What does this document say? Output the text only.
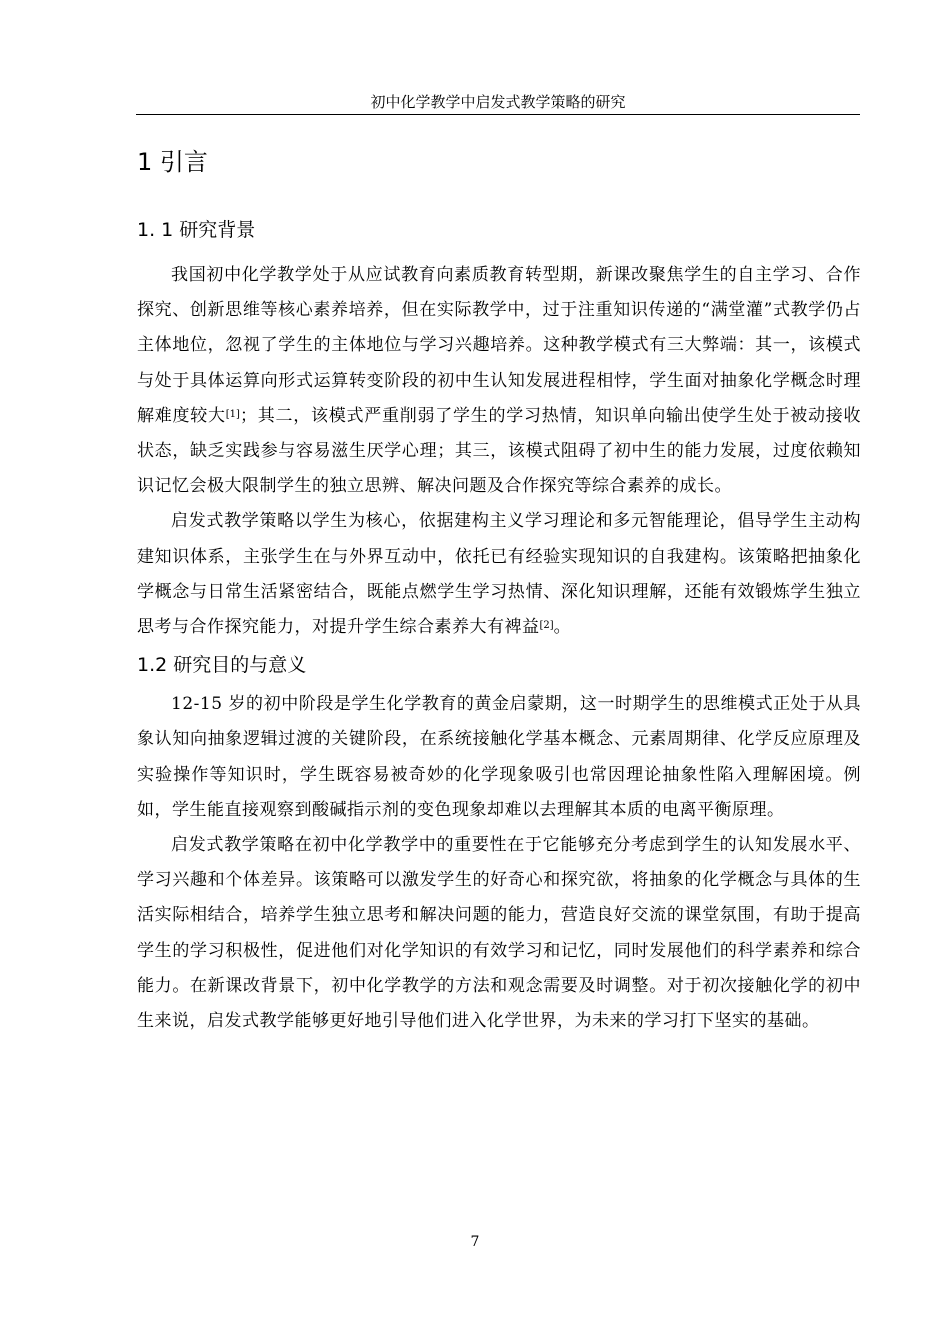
初中化学教学中启发式教学策略的研究
1 引言
1. 1 研究背景

我国初中化学教学处于从应试教育向素质教育转型期，新课改聚焦学生的自主学习、合作探究、创新思维等核心素养培养，但在实际教学中，过于注重知识传递的“满堂灌”式教学仍占主体地位，忽视了学生的主体地位与学习兴趣培养。这种教学模式有三大弊端：其一，该模式与处于具体运算向形式运算转变阶段的初中生认知发展进程相悖，学生面对抽象化学概念时理解难度较大[1]；其二，该模式严重削弱了学生的学习热情，知识单向输出使学生处于被动接收状态，缺乏实践参与容易滋生厌学心理；其三，该模式阻碍了初中生的能力发展，过度依赖知识记忆会极大限制学生的独立思辨、解决问题及合作探究等综合素养的成长。

启发式教学策略以学生为核心，依据建构主义学习理论和多元智能理论，倡导学生主动构建知识体系，主张学生在与外界互动中，依托已有经验实现知识的自我建构。该策略把抽象化学概念与日常生活紧密结合，既能点燃学生学习热情、深化知识理解，还能有效锻炼学生独立思考与合作探究能力，对提升学生综合素养大有裨益[2]。

1.2 研究目的与意义

12-15 岁的初中阶段是学生化学教育的黄金启蒙期，这一时期学生的思维模式正处于从具象认知向抽象逻辑过渡的关键阶段，在系统接触化学基本概念、元素周期律、化学反应原理及实验操作等知识时，学生既容易被奇妙的化学现象吸引也常因理论抽象性陷入理解困境。例如，学生能直接观察到酸碱指示剂的变色现象却难以去理解其本质的电离平衡原理。

启发式教学策略在初中化学教学中的重要性在于它能够充分考虑到学生的认知发展水平、学习兴趣和个体差异。该策略可以激发学生的好奇心和探究欲，将抽象的化学概念与具体的生活实际相结合，培养学生独立思考和解决问题的能力，营造良好交流的课堂氛围，有助于提高学生的学习积极性，促进他们对化学知识的有效学习和记忆，同时发展他们的科学素养和综合能力。在新课改背景下，初中化学教学的方法和观念需要及时调整。对于初次接触化学的初中生来说，启发式教学能够更好地引导他们进入化学世界，为未来的学习打下坚实的基础。

7
